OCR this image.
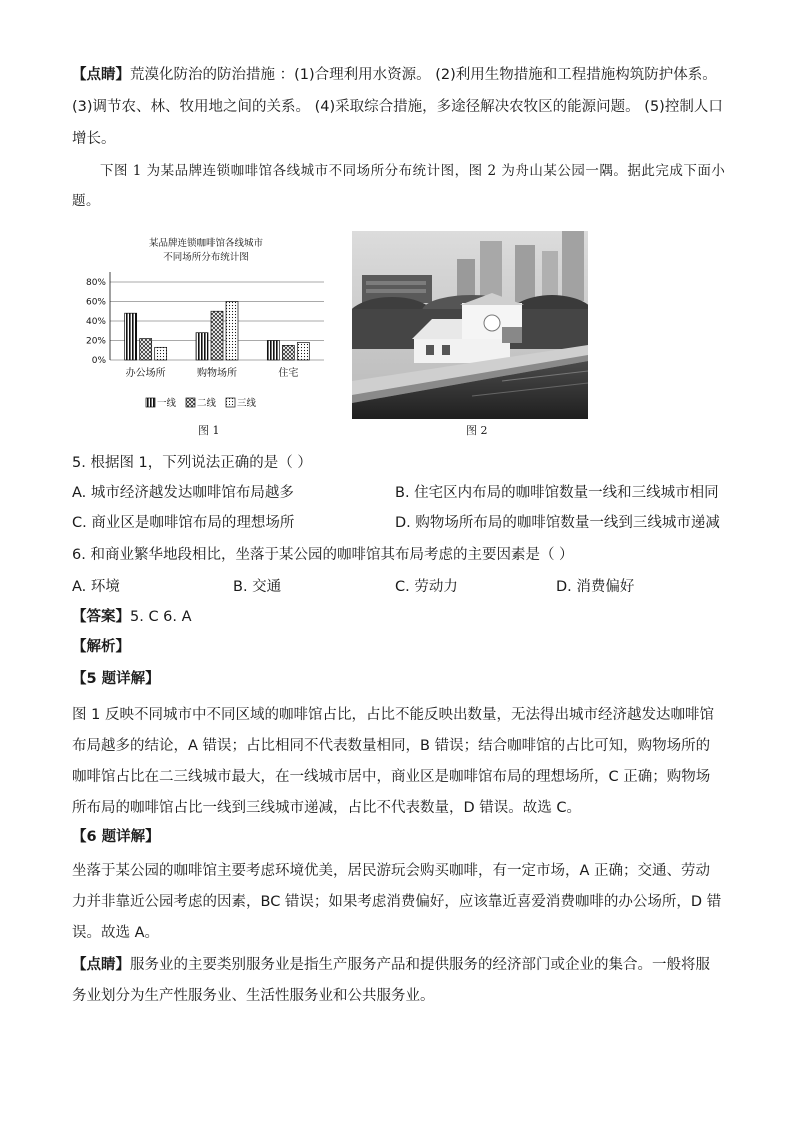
【点睛】荒漠化防治的防治措施 ：(1)合理利用水资源。 (2)利用生物措施和工程措施构筑防护体系。
(3)调节农、林、牧用地之间的关系。 (4)采取综合措施，多途径解决农牧区的能源问题。 (5)控制人口
增长。
下图 1 为某品牌连锁咖啡馆各线城市不同场所分布统计图，图 2 为舟山某公园一隅。据此完成下面小
题。
某品牌连锁咖啡馆各线城市
不同场所分布统计图
0%
20%
40%
60%
80%
办公场所	购物场所	住宅
一线 二线 三线
图 1	图 2
5. 根据图 1，下列说法正确的是（ ）
A. 城市经济越发达咖啡馆布局越多	B. 住宅区内布局的咖啡馆数量一线和三线城市相同
C. 商业区是咖啡馆布局的理想场所	D. 购物场所布局的咖啡馆数量一线到三线城市递减
6. 和商业繁华地段相比，坐落于某公园的咖啡馆其布局考虑的主要因素是（ ）
A. 环境	B. 交通	C. 劳动力	D. 消费偏好
【答案】5. C 6. A
【解析】
【5 题详解】
图 1 反映不同城市中不同区域的咖啡馆占比，占比不能反映出数量，无法得出城市经济越发达咖啡馆布局越多的结论，A 错误；占比相同不代表数量相同，B 错误；结合咖啡馆的占比可知，购物场所的咖啡馆占比在二三线城市最大，在一线城市居中，商业区是咖啡馆布局的理想场所，C 正确；购物场所布局的咖啡馆占比一线到三线城市递减，占比不代表数量，D 错误。故选 C。
【6 题详解】
坐落于某公园的咖啡馆主要考虑环境优美，居民游玩会购买咖啡，有一定市场，A 正确；交通、劳动力并非靠近公园考虑的因素，BC 错误；如果考虑消费偏好，应该靠近喜爱消费咖啡的办公场所，D 错误。故选 A。
【点睛】服务业的主要类别服务业是指生产服务产品和提供服务的经济部门或企业的集合。一般将服务业划分为生产性服务业、生活性服务业和公共服务业。
